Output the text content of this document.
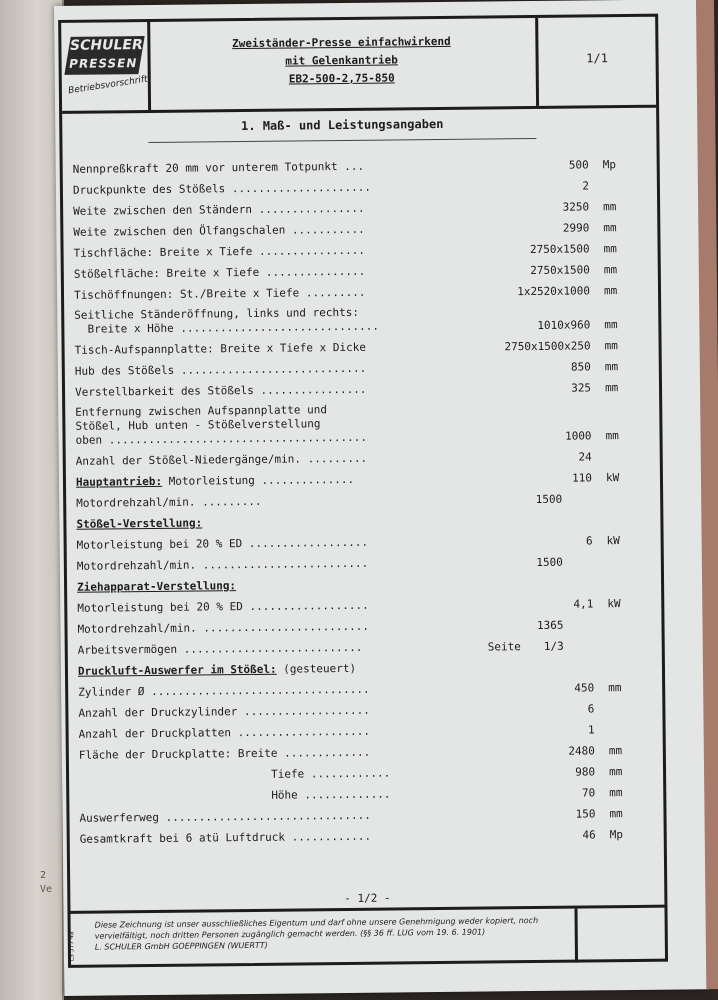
2
Ve
SCHULER
PRESSEN
Betriebsvorschrift
Zweiständer-Presse einfachwirkend
mit Gelenkantrieb
EB2-500-2,75-850
1/1
1. Maß- und Leistungsangaben
Nennpreßkraft 20 mm vor unterem Totpunkt ...	500 Mp
Druckpunkte des Stößels .....................	2
Weite zwischen den Ständern ................	3250 mm
Weite zwischen den Ölfangschalen ...........	2990 mm
Tischfläche: Breite x Tiefe ................	2750x1500 mm
Stößelfläche: Breite x Tiefe ...............	2750x1500 mm
Tischöffnungen: St./Breite x Tiefe .........	1x2520x1000 mm
Seitliche Ständeröffnung, links und rechts:
Breite x Höhe ..............................	1010x960 mm
Tisch-Aufspannplatte: Breite x Tiefe x Dicke	2750x1500x250 mm
Hub des Stößels ............................	850 mm
Verstellbarkeit des Stößels ................	325 mm
Entfernung zwischen Aufspannplatte und
Stößel, Hub unten - Stößelverstellung
oben .......................................	1000 mm
Anzahl der Stößel-Niedergänge/min. .........	24
Hauptantrieb: Motorleistung ..............	110 kW
Motordrehzahl/min. .........	1500
Stößel-Verstellung:
Motorleistung bei 20 % ED ..................	6 kW
Motordrehzahl/min. .........................	1500
Ziehapparat-Verstellung:
Motorleistung bei 20 % ED ..................	4,1 kW
Motordrehzahl/min. .........................	1365
Arbeitsvermögen ...........................	Seite 1/3
Druckluft-Auswerfer im Stößel: (gesteuert)
Zylinder Ø .................................	450 mm
Anzahl der Druckzylinder ...................	6
Anzahl der Druckplatten ....................	1
Fläche der Druckplatte: Breite .............	2480 mm
Tiefe ............	980 mm
Höhe .............	70 mm
Auswerferweg ...............................	150 mm
Gesamtkraft bei 6 atü Luftdruck ............	46 Mp
- 1/2 -
Diese Zeichnung ist unser ausschließliches Eigentum und darf ohne unsere Genehmigung weder kopiert, noch
vervielfältigt, noch dritten Personen zugänglich gemacht werden. (§§ 36 ff. LUG vom 19. 6. 1901)
L. SCHULER GmbH GOEPPINGEN (WUERTT)
LS 577 4a
